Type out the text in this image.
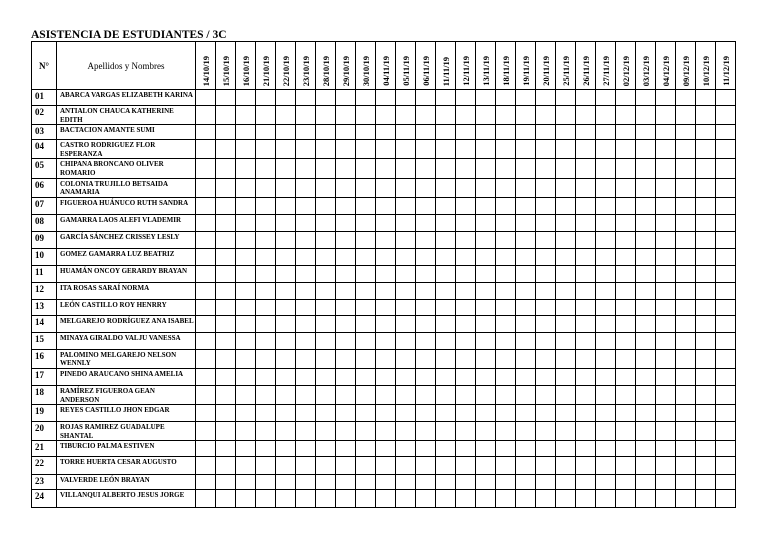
ASISTENCIA DE ESTUDIANTES / 3C
N°	Apellidos y Nombres	14/10/19	15/10/19	16/10/19	21/10/19	22/10/19	23/10/19	28/10/19	29/10/19	30/10/19	04/11/19	05/11/19	06/11/19	11/11/19	12/11/19	13/11/19	18/11/19	19/11/19	20/11/19	25/11/19	26/11/19	27/11/19	02/12/19	03/12/19	04/12/19	09/12/19	10/12/19	11/12/19

01	ABARCA VARGAS ELIZABETH KARINA																											
02	ANTIALON CHAUCA KATHERINE EDITH																											
03	BACTACION AMANTE SUMI																											
04	CASTRO RODRIGUEZ FLOR ESPERANZA																											
05	CHIPANA BRONCANO OLIVER ROMARIO																											
06	COLONIA TRUJILLO BETSAIDA ANAMARIA																											
07	FIGUEROA HUÁNUCO RUTH SANDRA																											
08	GAMARRA LAOS ALEFI VLADEMIR																											
09	GARCÍA SÁNCHEZ CRISSEY LESLY																											
10	GOMEZ GAMARRA LUZ BEATRIZ																											
11	HUAMÁN ONCOY GERARDY BRAYAN																											
12	ITA ROSAS SARAÍ NORMA																											
13	LEÓN CASTILLO ROY HENRRY																											
14	MELGAREJO RODRÍGUEZ ANA ISABEL																											
15	MINAYA GIRALDO VALJU VANESSA																											
16	PALOMINO MELGAREJO NELSON WENNLY																											
17	PINEDO ARAUCANO SHINA AMELIA																											
18	RAMÍREZ FIGUEROA GEAN ANDERSON																											
19	REYES CASTILLO JHON EDGAR																											
20	ROJAS RAMIREZ GUADALUPE SHANTAL																											
21	TIBURCIO PALMA ESTIVEN																											
22	TORRE HUERTA CESAR AUGUSTO																											
23	VALVERDE LEÓN BRAYAN																											
24	VILLANQUI ALBERTO JESUS JORGE																											
